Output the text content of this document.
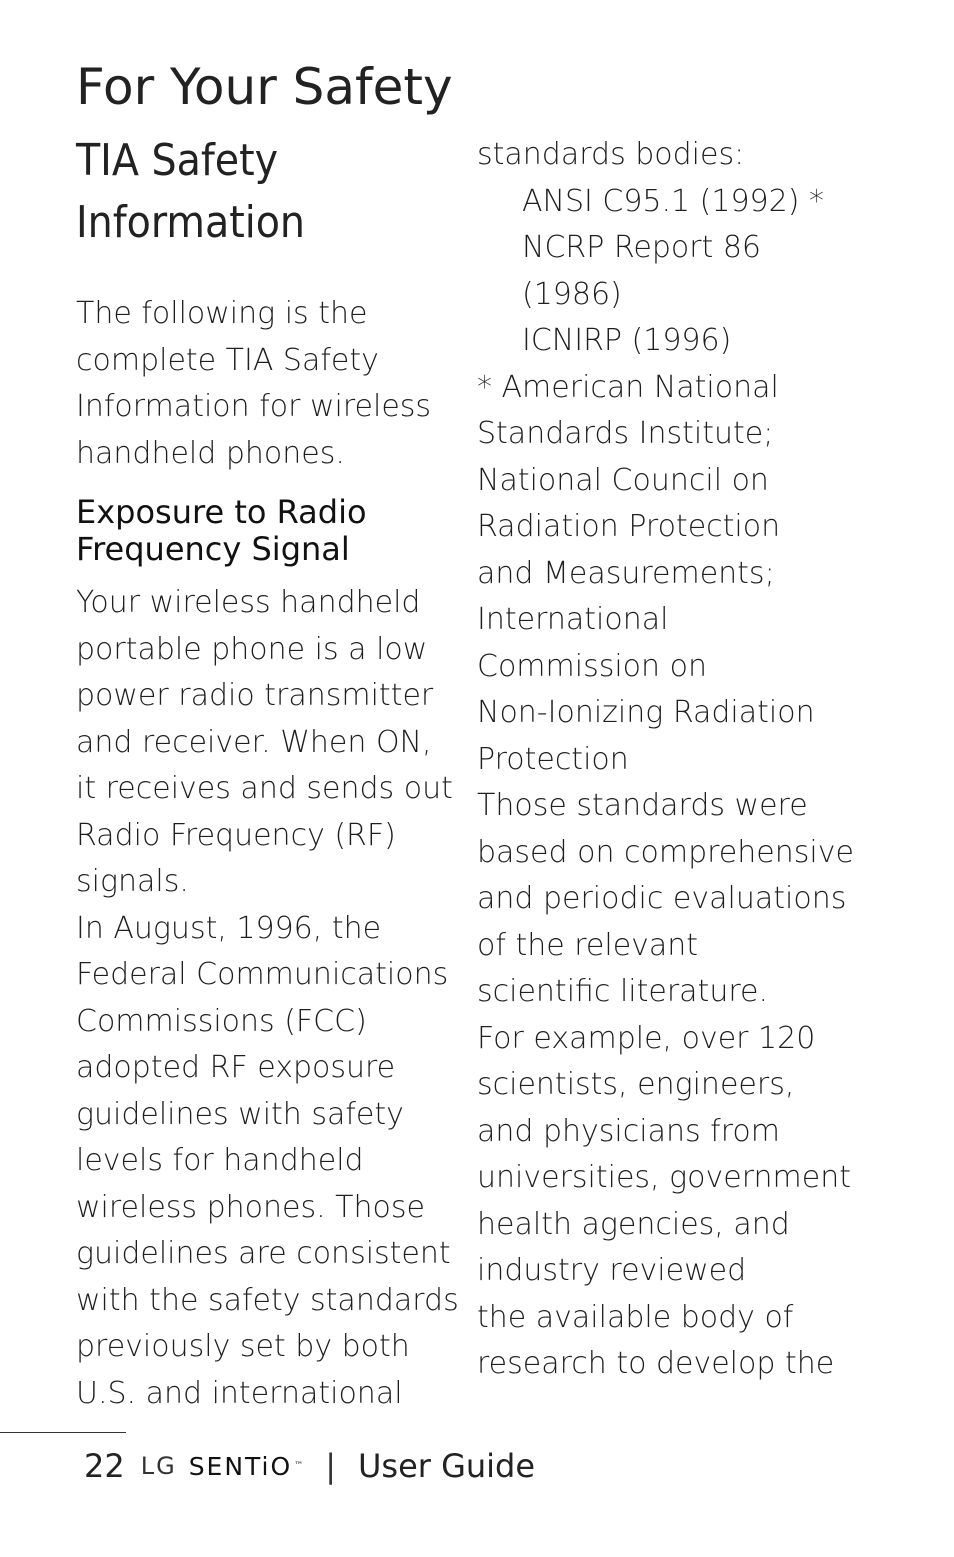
For Your Safety
TIA Safety
Information
The following is the
complete TIA Safety
Information for wireless
handheld phones.
Exposure to Radio
Frequency Signal
Your wireless handheld
portable phone is a low
power radio transmitter
and receiver. When ON,
it receives and sends out
Radio Frequency (RF)
signals.
In August, 1996, the
Federal Communications
Commissions (FCC)
adopted RF exposure
guidelines with safety
levels for handheld
wireless phones. Those
guidelines are consistent
with the safety standards
previously set by both
U.S. and international
standards bodies:
ANSI C95.1 (1992) *
NCRP Report 86
(1986)
ICNIRP (1996)
* American National
Standards Institute;
National Council on
Radiation Protection
and Measurements;
International
Commission on
Non-Ionizing Radiation
Protection
Those standards were
based on comprehensive
and periodic evaluations
of the relevant
scientific literature.
For example, over 120
scientists, engineers,
and physicians from
universities, government
health agencies, and
industry reviewed
the available body of
research to develop the
22 LG SENTiO ™ | User Guide
